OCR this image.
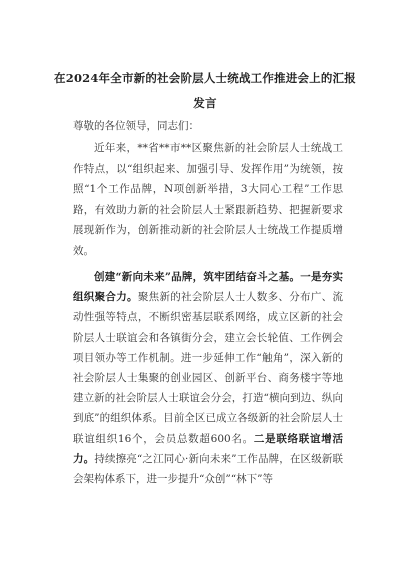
在2024年全市新的社会阶层人士统战工作推进会上的汇报发言
尊敬的各位领导，同志们：
近年来，**省**市**区聚焦新的社会阶层人士统战工作特点，以“组织起来、加强引导、发挥作用”为统领，按照“1个工作品牌，N项创新举措，3大同心工程”工作思路，有效助力新的社会阶层人士紧跟新趋势、把握新要求展现新作为，创新推动新的社会阶层人士统战工作提质增效。
创建“新向未来”品牌，筑牢团结奋斗之基。一是夯实组织聚合力。聚焦新的社会阶层人士人数多、分布广、流动性强等特点，不断织密基层联系网络，成立区新的社会阶层人士联谊会和各镇街分会，建立会长轮值、工作例会项目领办等工作机制。进一步延伸工作“触角”，深入新的社会阶层人士集聚的创业园区、创新平台、商务楼宇等地建立新的社会阶层人士联谊会分会，打造“横向到边、纵向到底”的组织体系。目前全区已成立各级新的社会阶层人士联谊组织16个，会员总数超600名。二是联络联谊增活力。持续擦亮“之江同心·新向未来”工作品牌，在区级新联会架构体系下，进一步提升“众创”“林下”等
